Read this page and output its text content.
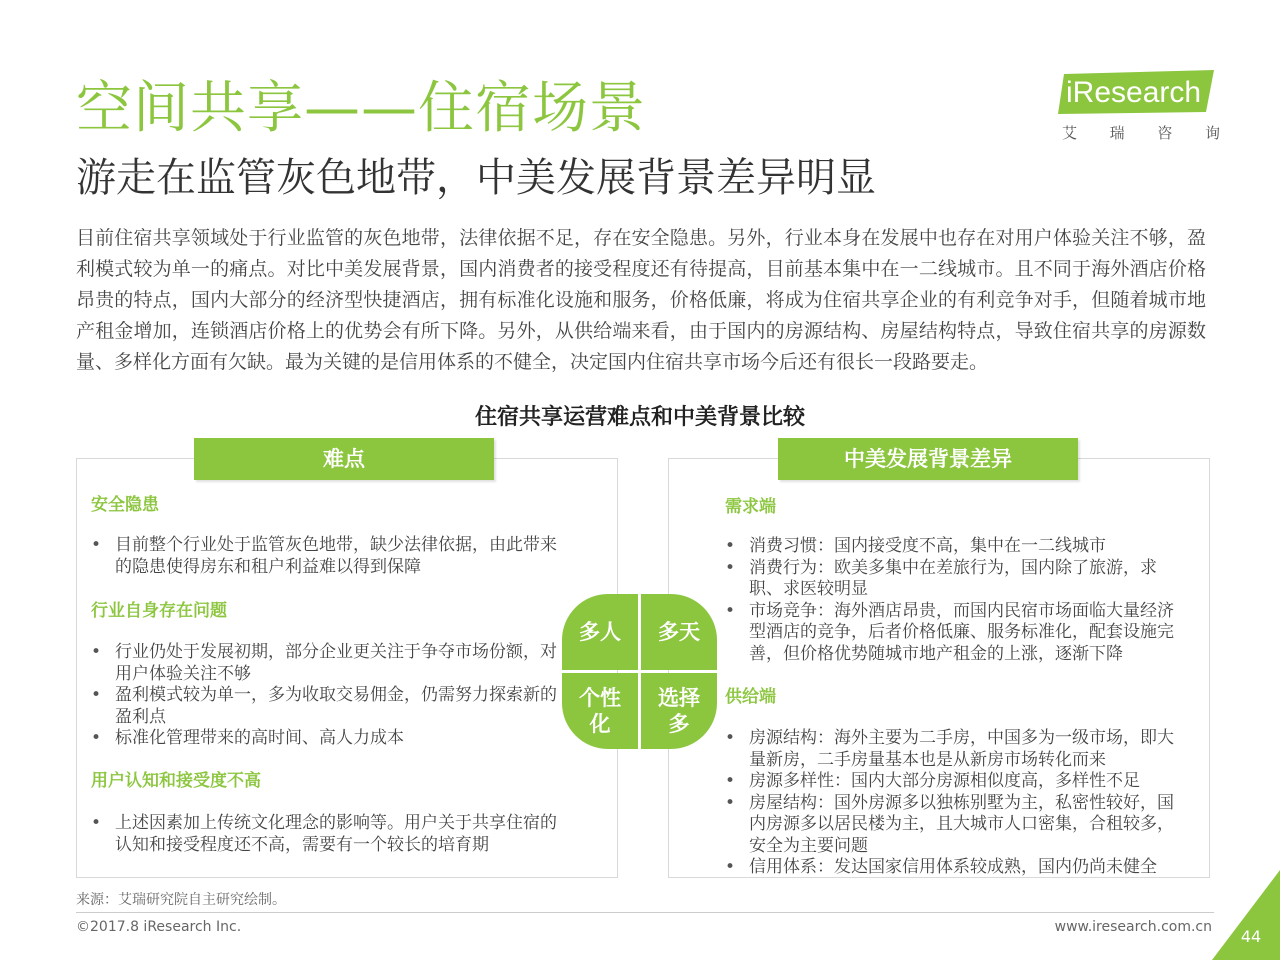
空间共享——住宿场景
游走在监管灰色地带，中美发展背景差异明显
iResearch
艾 瑞 咨 询
目前住宿共享领域处于行业监管的灰色地带，法律依据不足，存在安全隐患。另外，行业本身在发展中也存在对用户体验关注不够，盈利模式较为单一的痛点。对比中美发展背景，国内消费者的接受程度还有待提高，目前基本集中在一二线城市。且不同于海外酒店价格昂贵的特点，国内大部分的经济型快捷酒店，拥有标准化设施和服务，价格低廉，将成为住宿共享企业的有利竞争对手，但随着城市地产租金增加，连锁酒店价格上的优势会有所下降。另外，从供给端来看，由于国内的房源结构、房屋结构特点，导致住宿共享的房源数量、多样化方面有欠缺。最为关键的是信用体系的不健全，决定国内住宿共享市场今后还有很长一段路要走。
住宿共享运营难点和中美背景比较
安全隐患
• 目前整个行业处于监管灰色地带，缺少法律依据，由此带来的隐患使得房东和租户利益难以得到保障
行业自身存在问题
• 行业仍处于发展初期，部分企业更关注于争夺市场份额，对用户体验关注不够
• 盈利模式较为单一，多为收取交易佣金，仍需努力探索新的盈利点
• 标准化管理带来的高时间、高人力成本
用户认知和接受度不高
• 上述因素加上传统文化理念的影响等。用户关于共享住宿的认知和接受程度还不高，需要有一个较长的培育期
需求端
• 消费习惯：国内接受度不高，集中在一二线城市
• 消费行为：欧美多集中在差旅行为，国内除了旅游，求职、求医较明显
• 市场竞争：海外酒店昂贵，而国内民宿市场面临大量经济型酒店的竞争，后者价格低廉、服务标准化，配套设施完善，但价格优势随城市地产租金的上涨，逐渐下降
供给端
• 房源结构：海外主要为二手房，中国多为一级市场，即大量新房，二手房量基本也是从新房市场转化而来
• 房源多样性：国内大部分房源相似度高，多样性不足
• 房屋结构：国外房源多以独栋别墅为主，私密性较好，国内房源多以居民楼为主，且大城市人口密集，合租较多，安全为主要问题
• 信用体系：发达国家信用体系较成熟，国内仍尚未健全
难点	中美发展背景差异
多人	多天
个性化
选择多
来源：艾瑞研究院自主研究绘制。
©2017.8 iResearch Inc.	www.iresearch.com.cn	44
